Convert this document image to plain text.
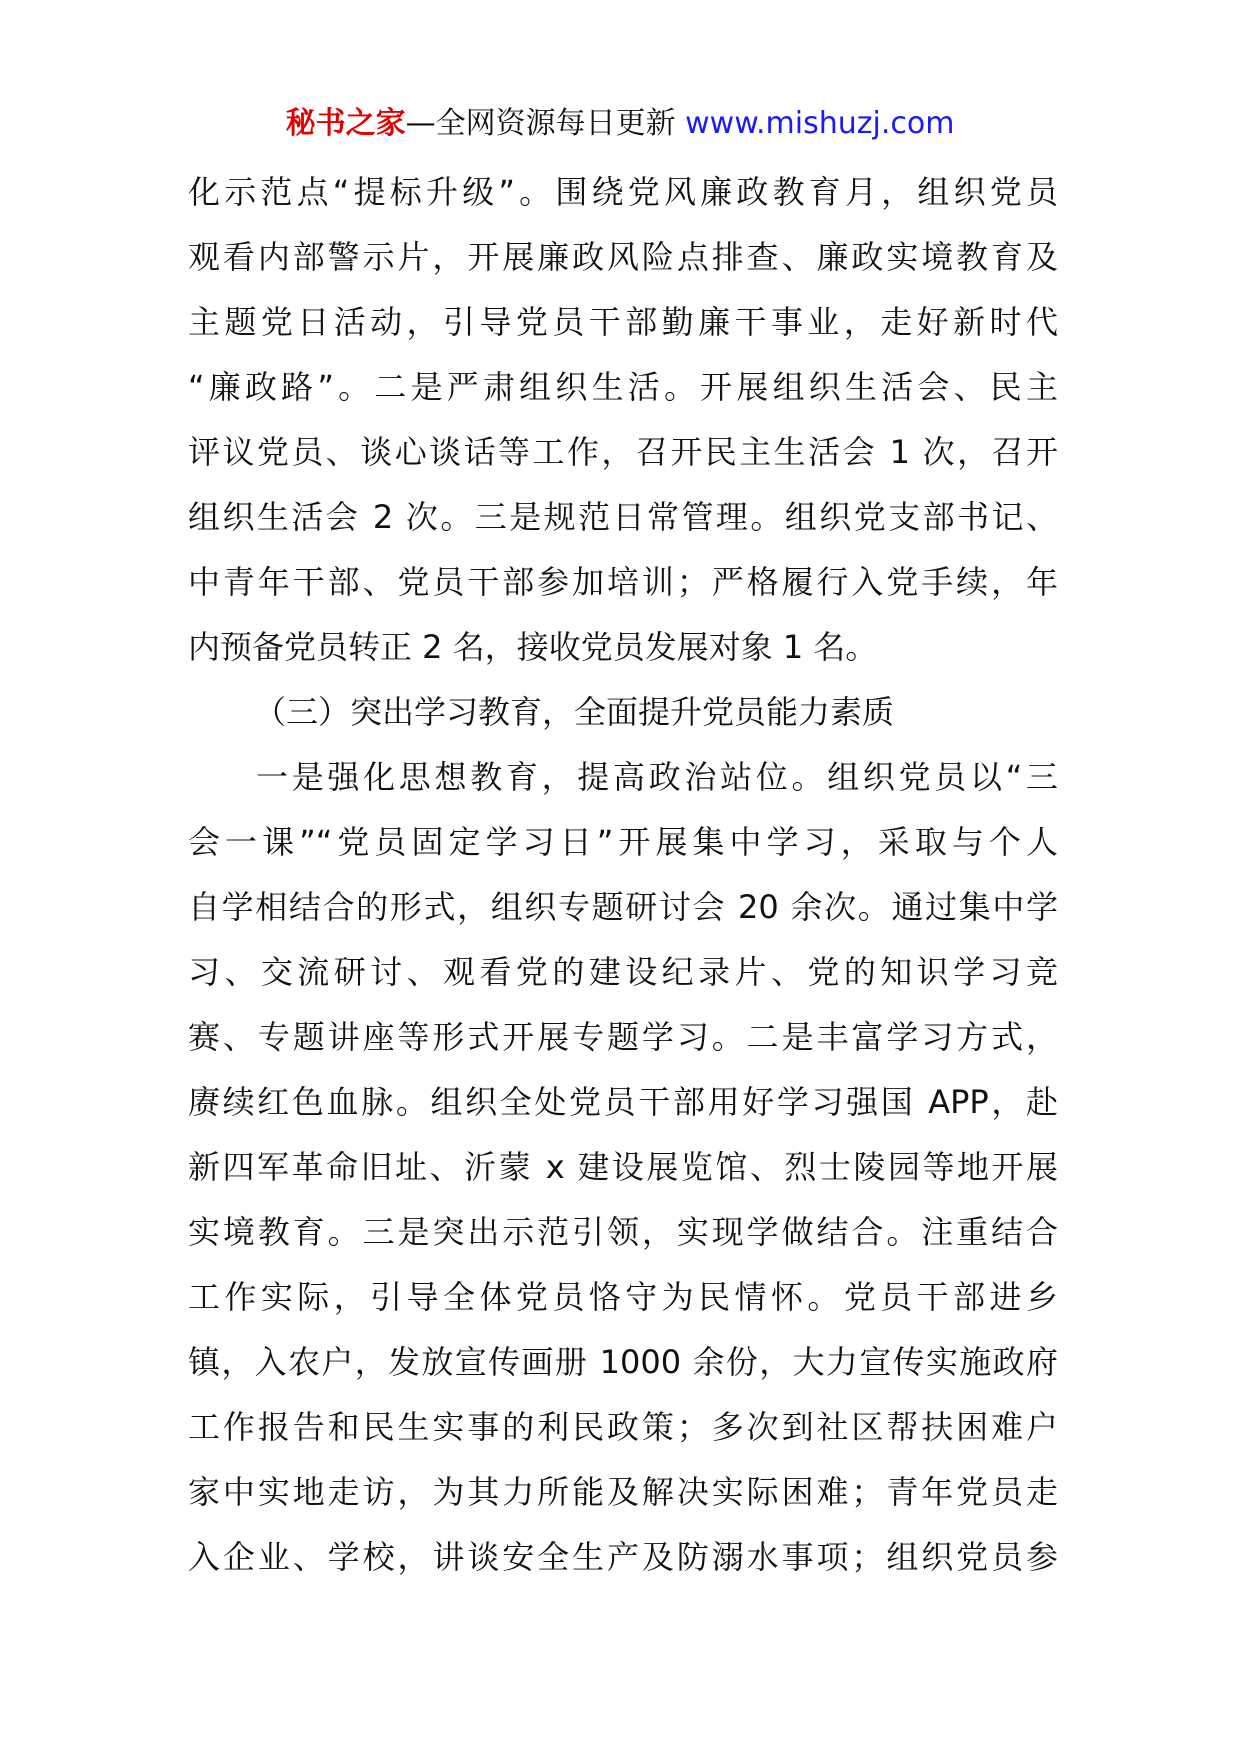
秘书之家—全网资源每日更新 www.mishuzj.com
化示范点“提标升级”。围绕党风廉政教育月，组织党员
观看内部警示片，开展廉政风险点排查、廉政实境教育及
主题党日活动，引导党员干部勤廉干事业，走好新时代
“廉政路”。二是严肃组织生活。开展组织生活会、民主
评议党员、谈心谈话等工作，召开民主生活会 1 次，召开
组织生活会 2 次。三是规范日常管理。组织党支部书记、
中青年干部、党员干部参加培训；严格履行入党手续，年
内预备党员转正 2 名，接收党员发展对象 1 名。
（三）突出学习教育，全面提升党员能力素质
一是强化思想教育，提高政治站位。组织党员以“三
会一课”“党员固定学习日”开展集中学习，采取与个人
自学相结合的形式，组织专题研讨会 20 余次。通过集中学
习、交流研讨、观看党的建设纪录片、党的知识学习竞
赛、专题讲座等形式开展专题学习。二是丰富学习方式，
赓续红色血脉。组织全处党员干部用好学习强国 APP，赴
新四军革命旧址、沂蒙 x 建设展览馆、烈士陵园等地开展
实境教育。三是突出示范引领，实现学做结合。注重结合
工作实际，引导全体党员恪守为民情怀。党员干部进乡
镇，入农户，发放宣传画册 1000 余份，大力宣传实施政府
工作报告和民生实事的利民政策；多次到社区帮扶困难户
家中实地走访，为其力所能及解决实际困难；青年党员走
入企业、学校，讲谈安全生产及防溺水事项；组织党员参
